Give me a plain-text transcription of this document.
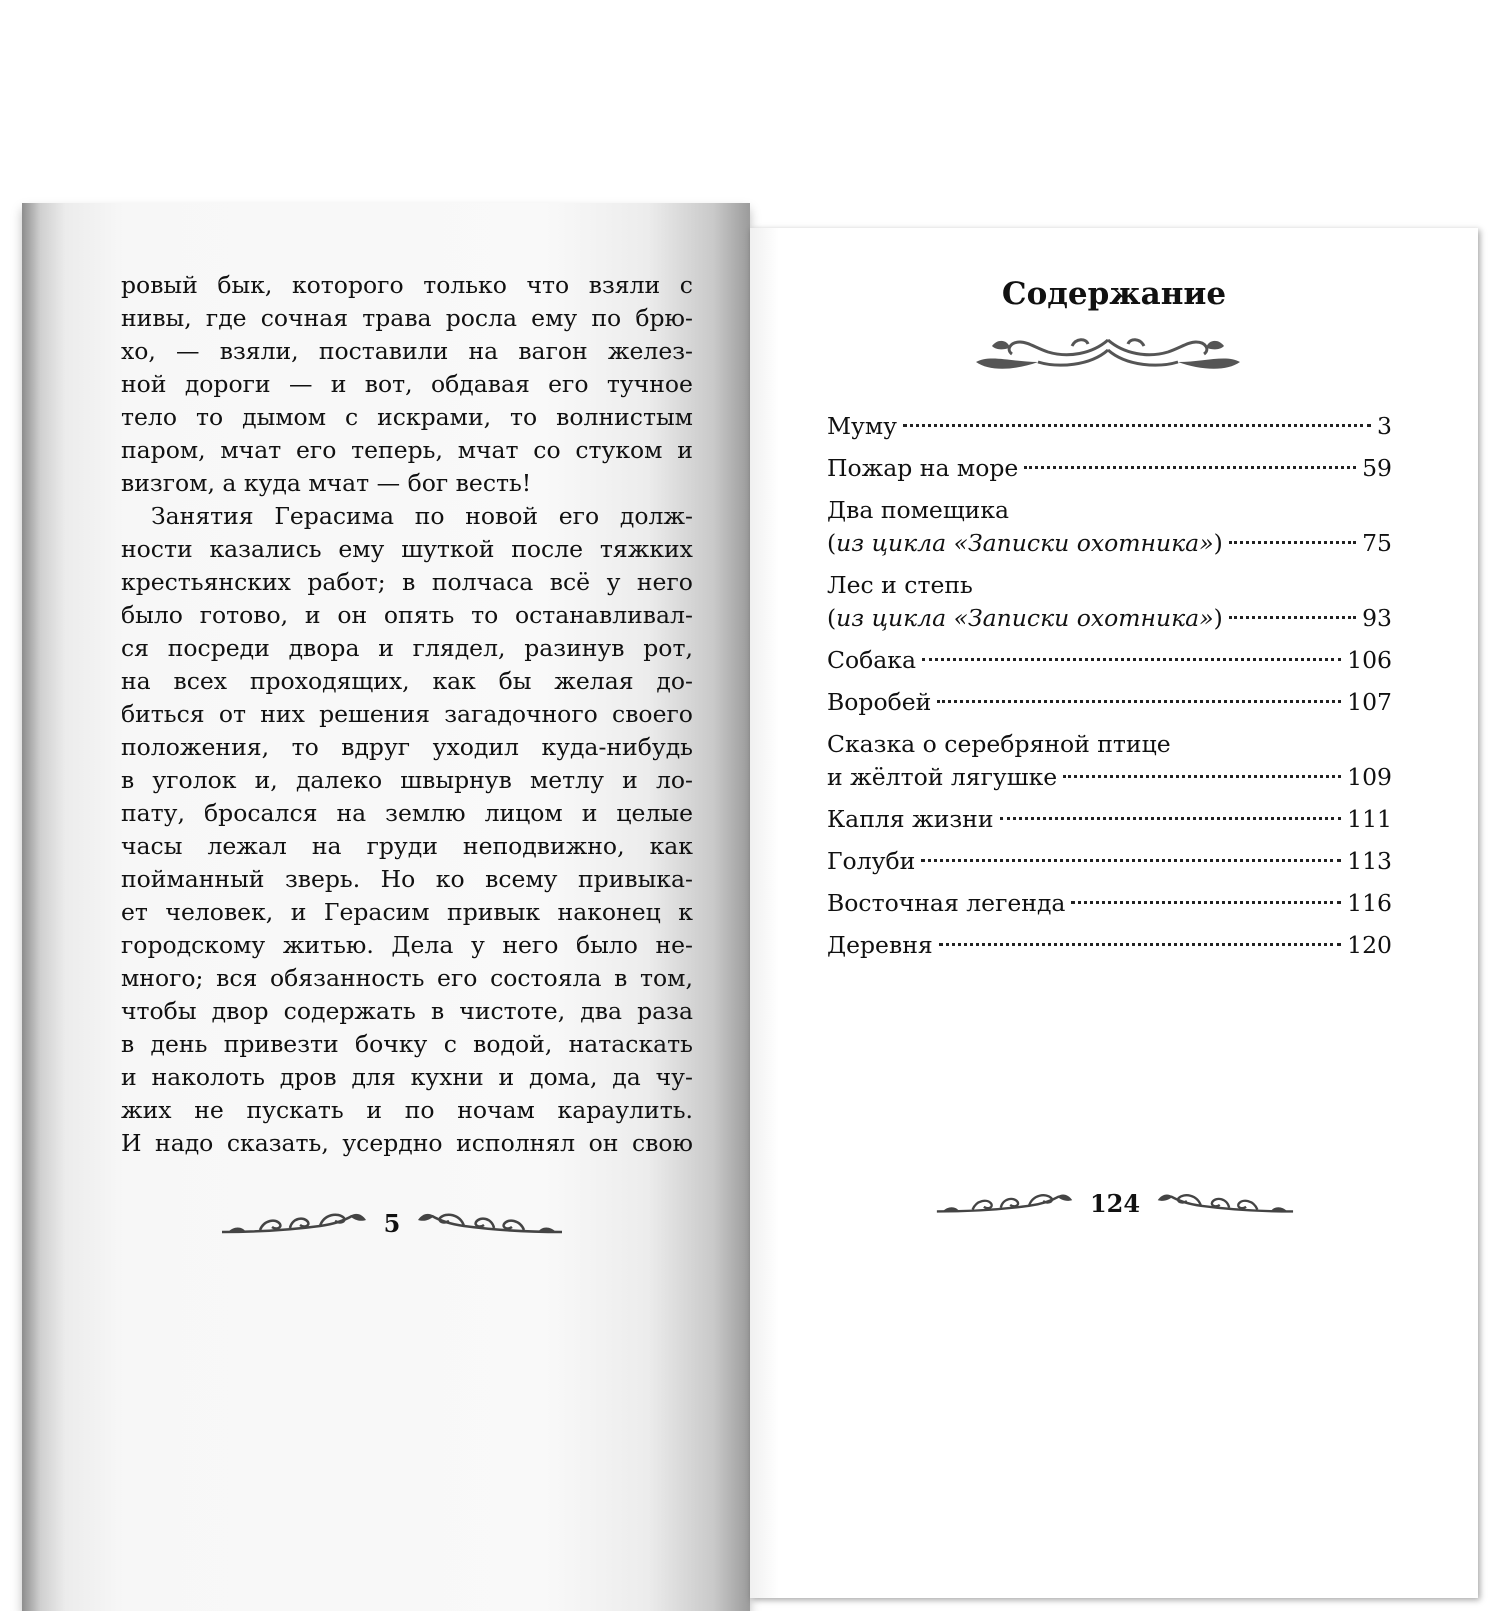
ровый бык, которого только что взяли с
нивы, где сочная трава росла ему по брю-
хо, — взяли, поставили на вагон желез-
ной дороги — и вот, обдавая его тучное
тело то дымом с искрами, то волнистым
паром, мчат его теперь, мчат со стуком и
визгом, а куда мчат — бог весть!
Занятия Герасима по новой его долж-
ности казались ему шуткой после тяжких
крестьянских работ; в полчаса всё у него
было готово, и он опять то останавливал-
ся посреди двора и глядел, разинув рот,
на всех проходящих, как бы желая до-
биться от них решения загадочного своего
положения, то вдруг уходил куда-нибудь
в уголок и, далеко швырнув метлу и ло-
пату, бросался на землю лицом и целые
часы лежал на груди неподвижно, как
пойманный зверь. Но ко всему привыка-
ет человек, и Герасим привык наконец к
городскому житью. Дела у него было не-
много; вся обязанность его состояла в том,
чтобы двор содержать в чистоте, два раза
в день привезти бочку с водой, натаскать
и наколоть дров для кухни и дома, да чу-
жих не пускать и по ночам караулить.
И надо сказать, усердно исполнял он свою
5
Содержание
Муму	3
Пожар на море	59
Два помещика
(из цикла «Записки охотника»)	75
Лес и степь
(из цикла «Записки охотника»)	93
Собака	106
Воробей	107
Сказка о серебряной птице
и жёлтой лягушке	109
Капля жизни	111
Голуби	113
Восточная легенда	116
Деревня	120
124
